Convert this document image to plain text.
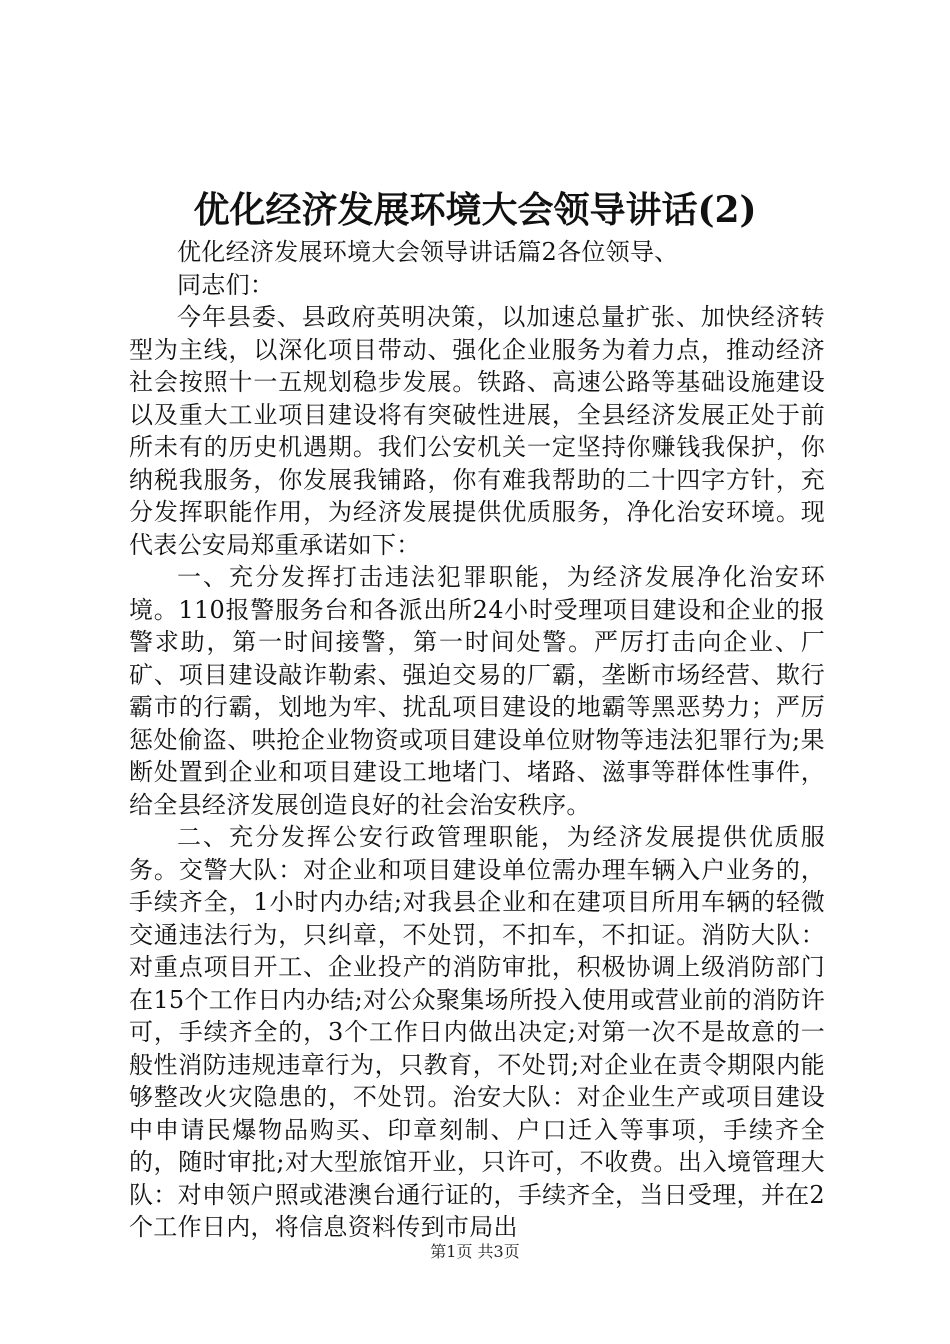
优化经济发展环境大会领导讲话(2)

优化经济发展环境大会领导讲话篇2各位领导、

同志们：

今年县委、县政府英明决策，以加速总量扩张、加快经济转型为主线，以深化项目带动、强化企业服务为着力点，推动经济社会按照十一五规划稳步发展。铁路、高速公路等基础设施建设以及重大工业项目建设将有突破性进展，全县经济发展正处于前所未有的历史机遇期。我们公安机关一定坚持你赚钱我保护，你纳税我服务，你发展我铺路，你有难我帮助的二十四字方针，充分发挥职能作用，为经济发展提供优质服务，净化治安环境。现代表公安局郑重承诺如下：

一、充分发挥打击违法犯罪职能，为经济发展净化治安环境。110报警服务台和各派出所24小时受理项目建设和企业的报警求助，第一时间接警，第一时间处警。严厉打击向企业、厂矿、项目建设敲诈勒索、强迫交易的厂霸，垄断市场经营、欺行霸市的行霸，划地为牢、扰乱项目建设的地霸等黑恶势力；严厉惩处偷盗、哄抢企业物资或项目建设单位财物等违法犯罪行为;果断处置到企业和项目建设工地堵门、堵路、滋事等群体性事件，给全县经济发展创造良好的社会治安秩序。

二、充分发挥公安行政管理职能，为经济发展提供优质服务。交警大队：对企业和项目建设单位需办理车辆入户业务的，手续齐全，1小时内办结;对我县企业和在建项目所用车辆的轻微交通违法行为，只纠章，不处罚，不扣车，不扣证。消防大队：对重点项目开工、企业投产的消防审批，积极协调上级消防部门在15个工作日内办结;对公众聚集场所投入使用或营业前的消防许可，手续齐全的，3个工作日内做出决定;对第一次不是故意的一般性消防违规违章行为，只教育，不处罚;对企业在责令期限内能够整改火灾隐患的，不处罚。治安大队：对企业生产或项目建设中申请民爆物品购买、印章刻制、户口迁入等事项，手续齐全的，随时审批;对大型旅馆开业，只许可，不收费。出入境管理大队：对申领户照或港澳台通行证的，手续齐全，当日受理，并在2个工作日内，将信息资料传到市局出

第1页 共3页
